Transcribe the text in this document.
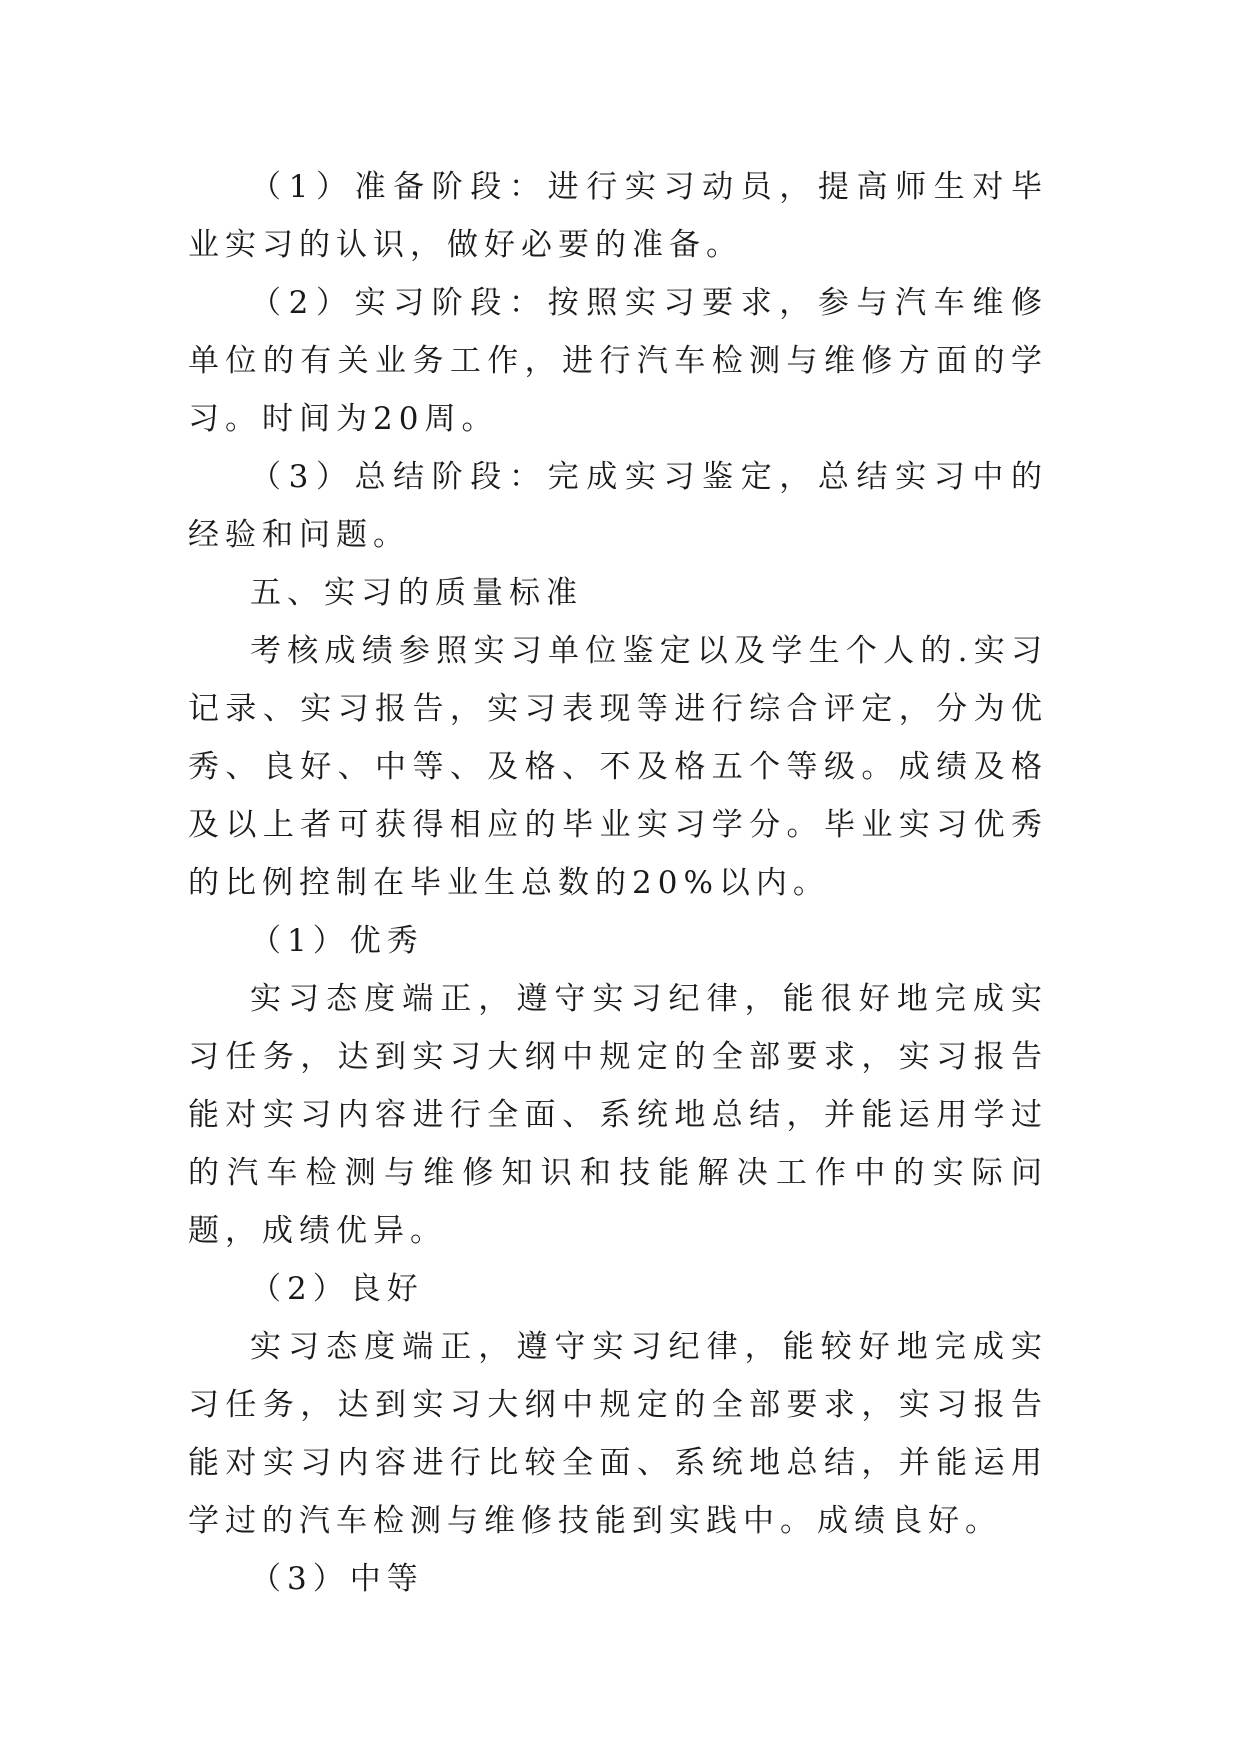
（1）准备阶段：进行实习动员，提高师生对毕业实习的认识，做好必要的准备。

（2）实习阶段：按照实习要求，参与汽车维修单位的有关业务工作，进行汽车检测与维修方面的学习。时间为20周。

（3）总结阶段：完成实习鉴定，总结实习中的经验和问题。

五、实习的质量标准

考核成绩参照实习单位鉴定以及学生个人的.实习记录、实习报告，实习表现等进行综合评定，分为优秀、良好、中等、及格、不及格五个等级。成绩及格及以上者可获得相应的毕业实习学分。毕业实习优秀的比例控制在毕业生总数的20%以内。

（1）优秀

实习态度端正，遵守实习纪律，能很好地完成实习任务，达到实习大纲中规定的全部要求，实习报告能对实习内容进行全面、系统地总结，并能运用学过的汽车检测与维修知识和技能解决工作中的实际问题，成绩优异。

（2）良好

实习态度端正，遵守实习纪律，能较好地完成实习任务，达到实习大纲中规定的全部要求，实习报告能对实习内容进行比较全面、系统地总结，并能运用学过的汽车检测与维修技能到实践中。成绩良好。

（3）中等
